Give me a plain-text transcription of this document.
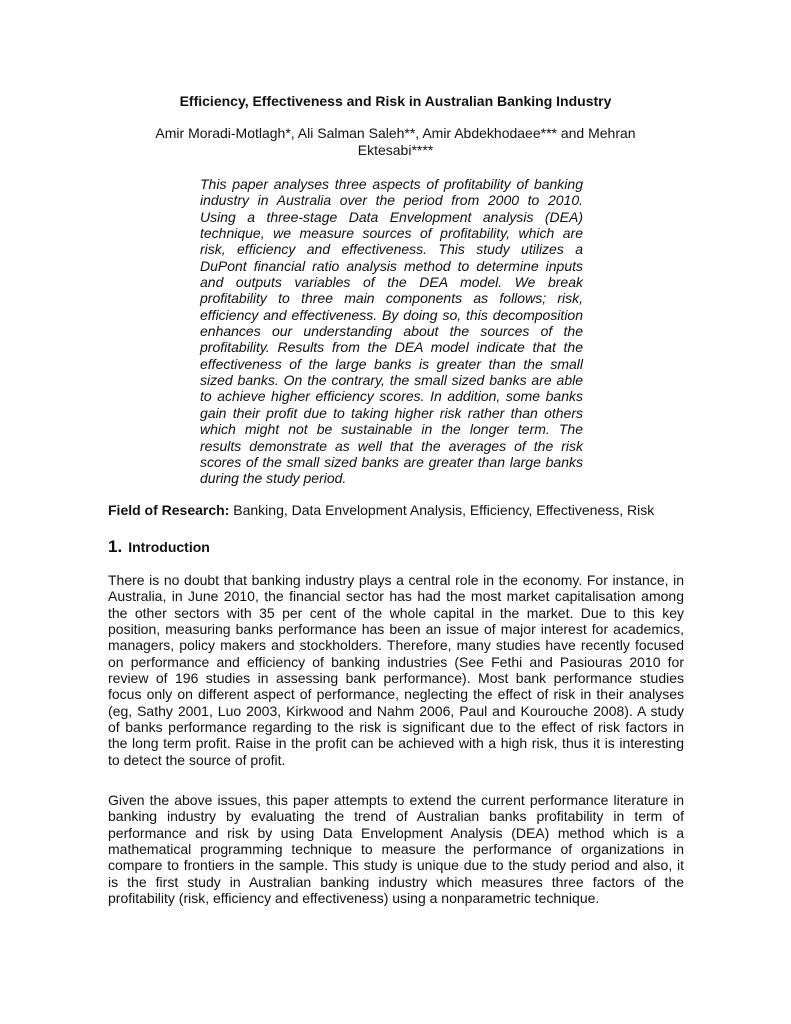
Efficiency, Effectiveness and Risk in Australian Banking Industry
Amir Moradi-Motlagh*, Ali Salman Saleh**, Amir Abdekhodaee*** and Mehran
Ektesabi****
This paper analyses three aspects of profitability of banking
industry in Australia over the period from 2000 to 2010.
Using a three-stage Data Envelopment analysis (DEA)
technique, we measure sources of profitability, which are
risk, efficiency and effectiveness. This study utilizes a
DuPont financial ratio analysis method to determine inputs
and outputs variables of the DEA model. We break
profitability to three main components as follows; risk,
efficiency and effectiveness. By doing so, this decomposition
enhances our understanding about the sources of the
profitability. Results from the DEA model indicate that the
effectiveness of the large banks is greater than the small
sized banks. On the contrary, the small sized banks are able
to achieve higher efficiency scores. In addition, some banks
gain their profit due to taking higher risk rather than others
which might not be sustainable in the longer term. The
results demonstrate as well that the averages of the risk
scores of the small sized banks are greater than large banks
during the study period.
Field of Research: Banking, Data Envelopment Analysis, Efficiency, Effectiveness, Risk
1. Introduction
There is no doubt that banking industry plays a central role in the economy. For instance, in
Australia, in June 2010, the financial sector has had the most market capitalisation among
the other sectors with 35 per cent of the whole capital in the market. Due to this key
position, measuring banks performance has been an issue of major interest for academics,
managers, policy makers and stockholders. Therefore, many studies have recently focused
on performance and efficiency of banking industries (See Fethi and Pasiouras 2010 for
review of 196 studies in assessing bank performance). Most bank performance studies
focus only on different aspect of performance, neglecting the effect of risk in their analyses
(eg, Sathy 2001, Luo 2003, Kirkwood and Nahm 2006, Paul and Kourouche 2008). A study
of banks performance regarding to the risk is significant due to the effect of risk factors in
the long term profit. Raise in the profit can be achieved with a high risk, thus it is interesting
to detect the source of profit.
Given the above issues, this paper attempts to extend the current performance literature in
banking industry by evaluating the trend of Australian banks profitability in term of
performance and risk by using Data Envelopment Analysis (DEA) method which is a
mathematical programming technique to measure the performance of organizations in
compare to frontiers in the sample. This study is unique due to the study period and also, it
is the first study in Australian banking industry which measures three factors of the
profitability (risk, efficiency and effectiveness) using a nonparametric technique.
